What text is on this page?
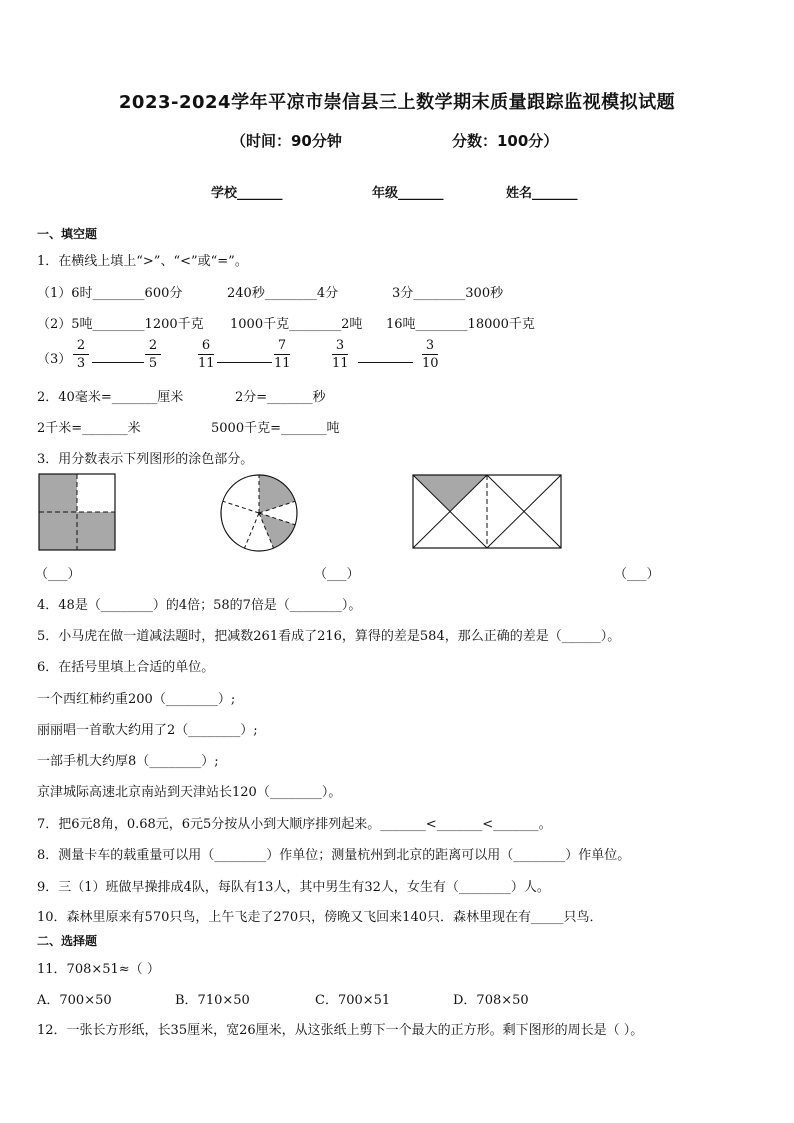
2023-2024学年平凉市崇信县三上数学期末质量跟踪监视模拟试题
（时间：90分钟	分数：100分）
学校_______	年级_______	姓名_______
一、填空题
1．在横线上填上“>”、“<”或“=”。
（1）6时________600分	240秒________4分	3分________300秒
（2）5吨________1200千克 1000千克________2吨 16吨________18000千克
（3）
2
3
2
5
6
11
7
11
3
11
3
10
2．40毫米=_______厘米	2分=_______秒
2千米=_______米	5000千克=_______吨
3．用分数表示下列图形的涂色部分。
（___）	（___）	（___）
4．48是（________）的4倍；58的7倍是（________）。
5．小马虎在做一道减法题时，把减数261看成了216，算得的差是584，那么正确的差是（______）。
6．在括号里填上合适的单位。
一个西红柿约重200（________）;
丽丽唱一首歌大约用了2（________）;
一部手机大约厚8（________）;
京津城际高速北京南站到天津站长120（________）。
7．把6元8角，0.68元，6元5分按从小到大顺序排列起来。_______<_______<_______。
8．测量卡车的载重量可以用（________）作单位；测量杭州到北京的距离可以用（________）作单位。
9．三（1）班做早操排成4队，每队有13人，其中男生有32人，女生有（________）人。
10．森林里原来有570只鸟，上午飞走了270只，傍晚又飞回来140只．森林里现在有_____只鸟．
二、选择题
11．708×51≈（ ）
A．700×50	B．710×50	C．700×51	D．708×50
12．一张长方形纸，长35厘米，宽26厘米，从这张纸上剪下一个最大的正方形。剩下图形的周长是（ ）。
